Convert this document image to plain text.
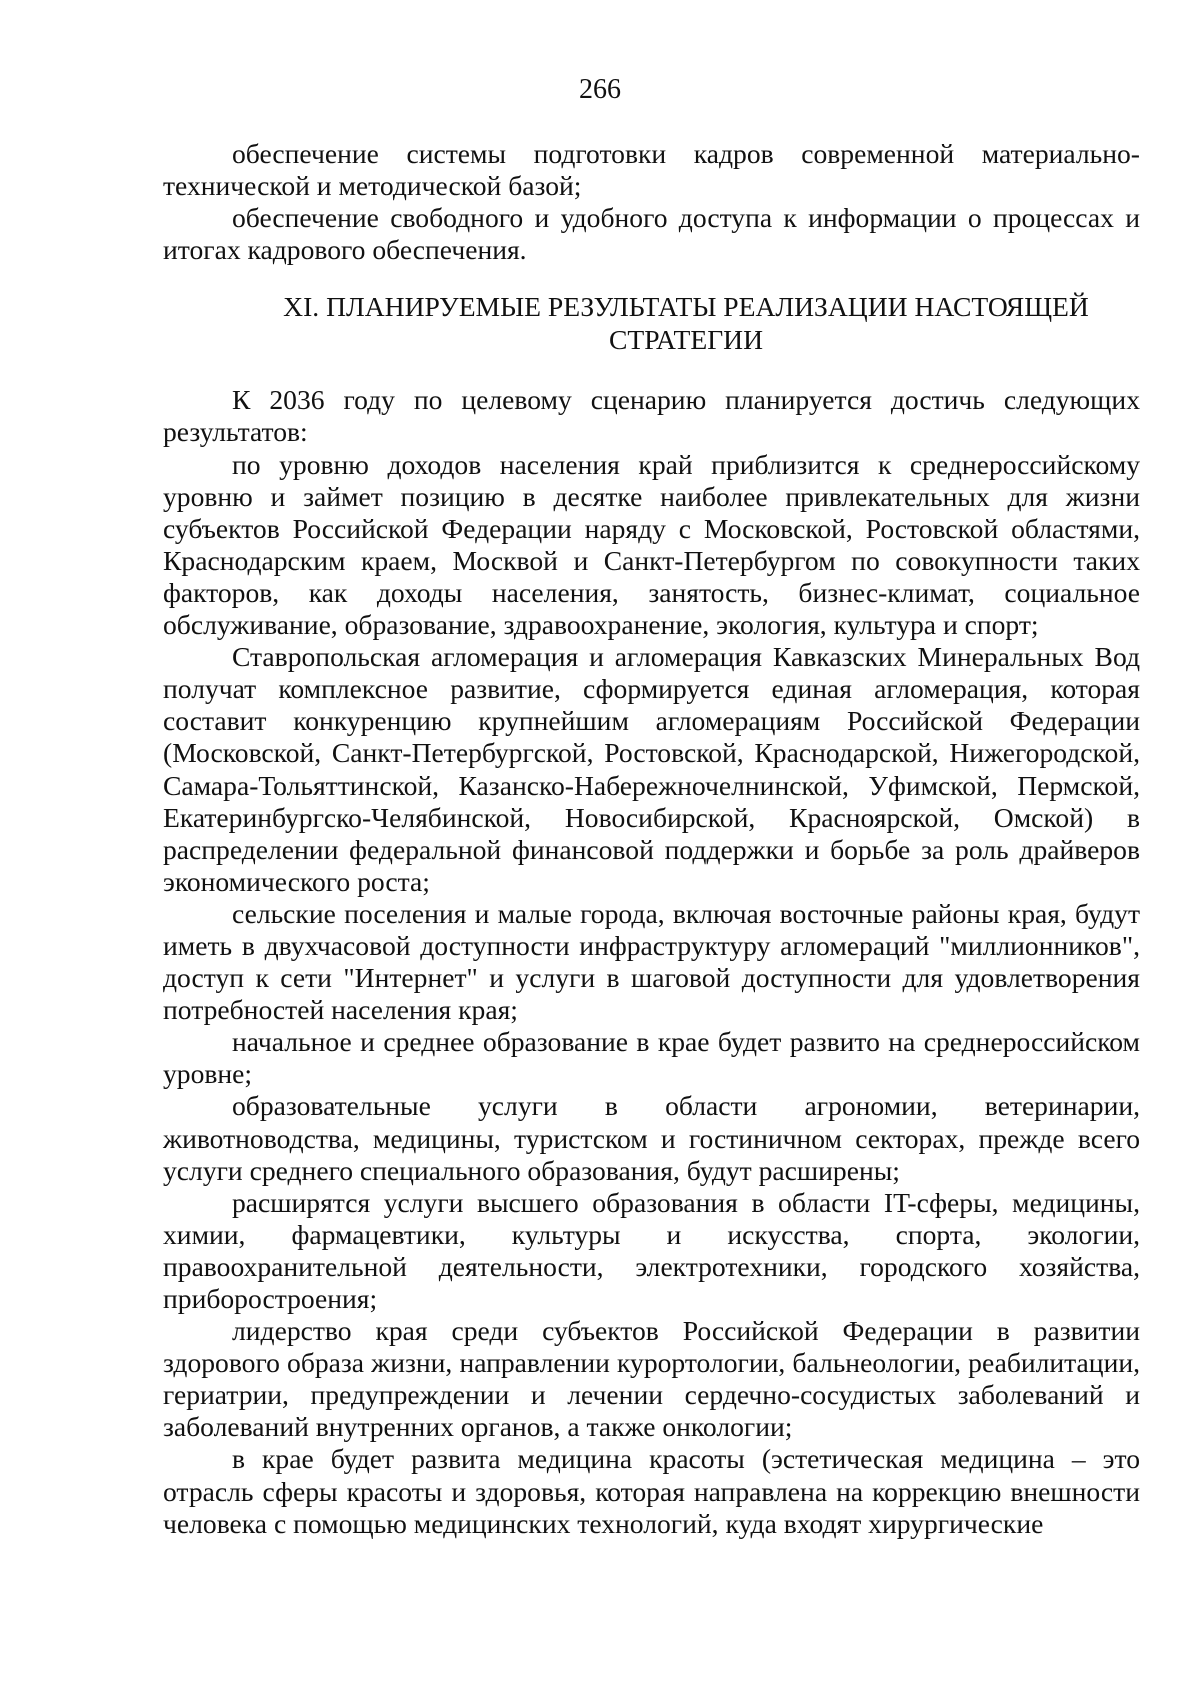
266

обеспечение системы подготовки кадров современной материально-технической и методической базой;

обеспечение свободного и удобного доступа к информации о процессах и итогах кадрового обеспечения.

XI. ПЛАНИРУЕМЫЕ РЕЗУЛЬТАТЫ РЕАЛИЗАЦИИ НАСТОЯЩЕЙ
СТРАТЕГИИ

К 2036 году по целевому сценарию планируется достичь следующих результатов:

по уровню доходов населения край приблизится к среднероссийскому уровню и займет позицию в десятке наиболее привлекательных для жизни субъектов Российской Федерации наряду с Московской, Ростовской областями, Краснодарским краем, Москвой и Санкт-Петербургом по совокупности таких факторов, как доходы населения, занятость, бизнес-климат, социальное обслуживание, образование, здравоохранение, экология, культура и спорт;

Ставропольская агломерация и агломерация Кавказских Минеральных Вод получат комплексное развитие, сформируется единая агломерация, которая составит конкуренцию крупнейшим агломерациям Российской Федерации (Московской, Санкт-Петербургской, Ростовской, Краснодарской, Нижегородской, Самара-Тольяттинской, Казанско-Набережночелнинской, Уфимской, Пермской, Екатеринбургско-Челябинской, Новосибирской, Красноярской, Омской) в распределении федеральной финансовой поддержки и борьбе за роль драйверов экономического роста;

сельские поселения и малые города, включая восточные районы края, будут иметь в двухчасовой доступности инфраструктуру агломераций "миллионников", доступ к сети "Интернет" и услуги в шаговой доступности для удовлетворения потребностей населения края;

начальное и среднее образование в крае будет развито на среднероссийском уровне;

образовательные услуги в области агрономии, ветеринарии, животноводства, медицины, туристском и гостиничном секторах, прежде всего услуги среднего специального образования, будут расширены;

расширятся услуги высшего образования в области IT-сферы, медицины, химии, фармацевтики, культуры и искусства, спорта, экологии, правоохранительной деятельности, электротехники, городского хозяйства, приборостроения;

лидерство края среди субъектов Российской Федерации в развитии здорового образа жизни, направлении курортологии, бальнеологии, реабилитации, гериатрии, предупреждении и лечении сердечно-сосудистых заболеваний и заболеваний внутренних органов, а также онкологии;

в крае будет развита медицина красоты (эстетическая медицина – это отрасль сферы красоты и здоровья, которая направлена на коррекцию внешности человека с помощью медицинских технологий, куда входят хирургические
